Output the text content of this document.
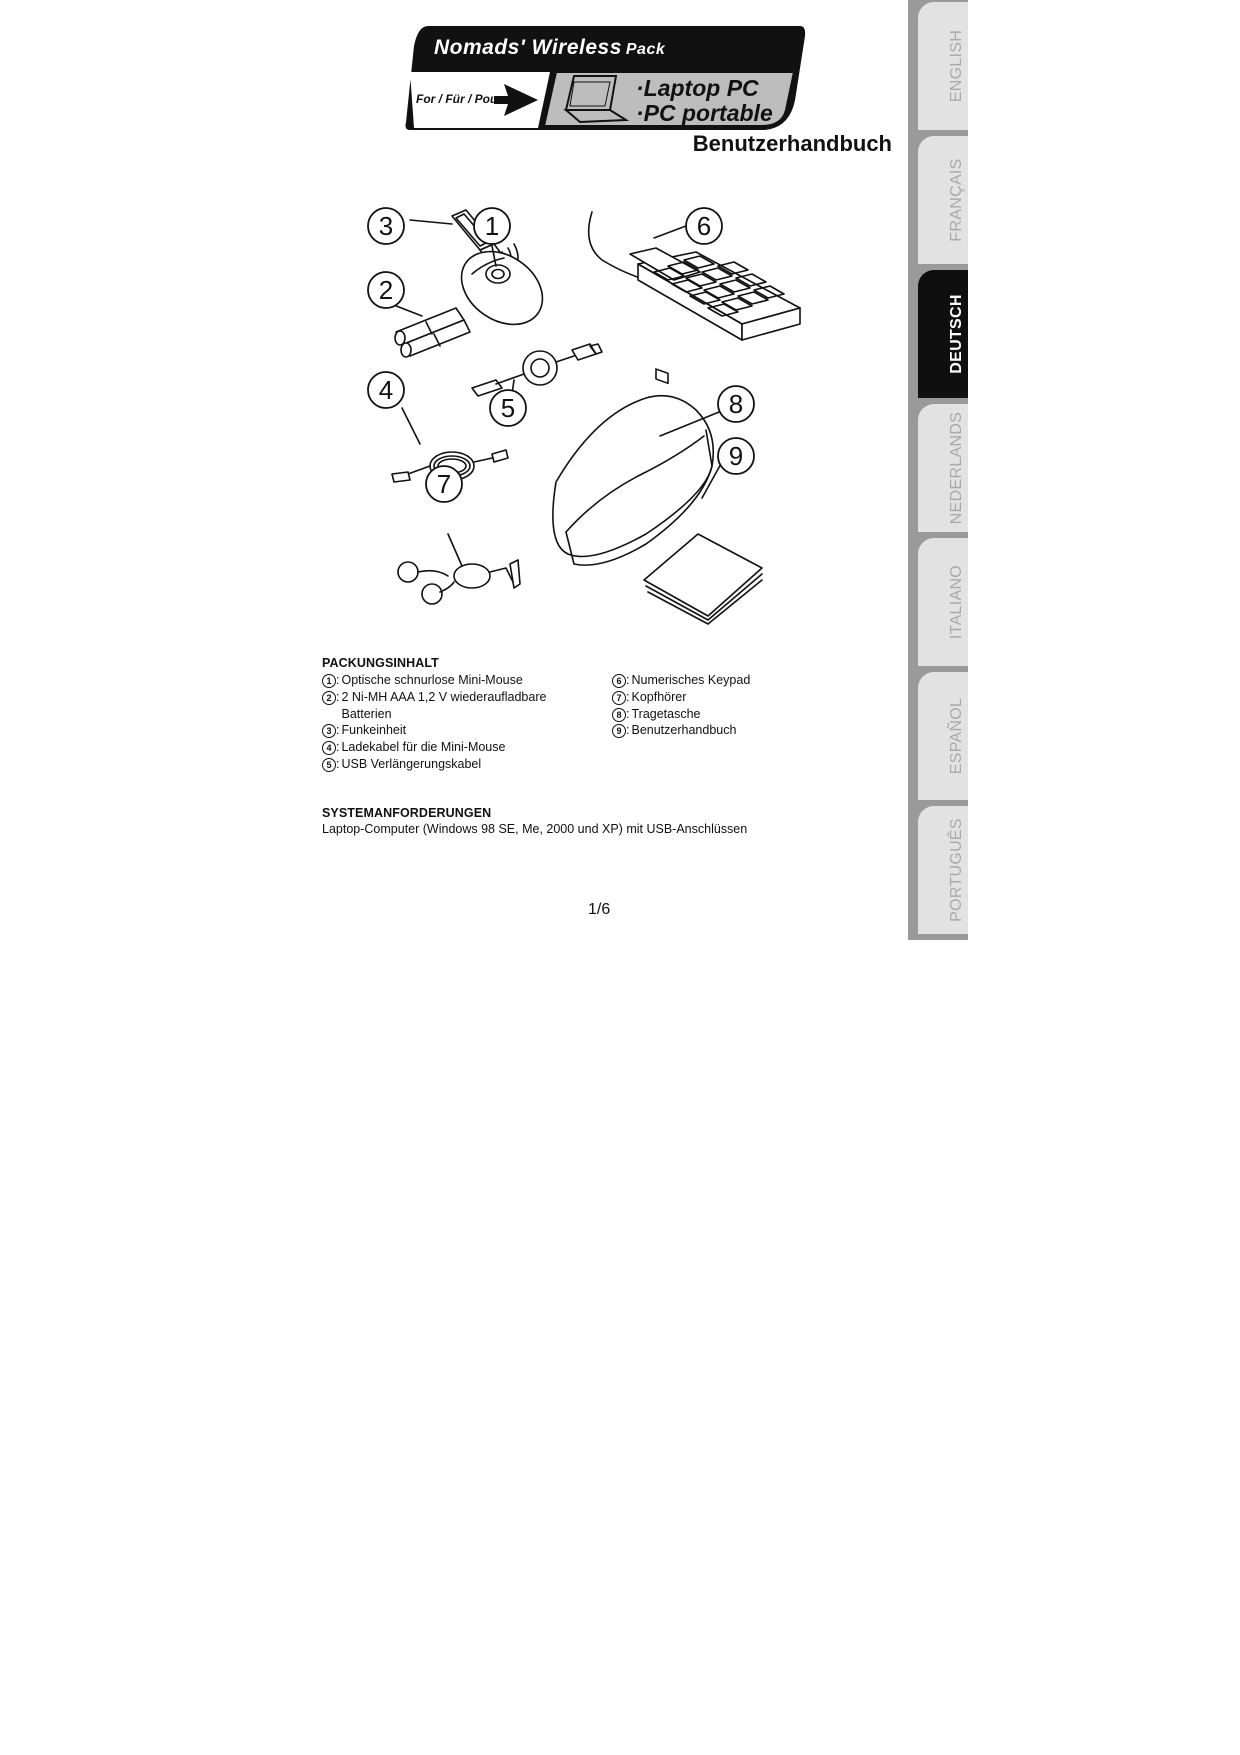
Nomads' Wireless Pack
For / Für / Pour	·Laptop PC
·PC portable
Benutzerhandbuch
3	1	6
2
4
5	8
9
7
PACKUNGSINHALT
1 : Optische schnurlose Mini-Mouse
2 : 2 Ni-MH AAA 1,2 V wiederaufladbare Batterien
3 : Funkeinheit
4 : Ladekabel für die Mini-Mouse
5 : USB Verlängerungskabel
6 : Numerisches Keypad
7 : Kopfhörer
8 : Tragetasche
9 : Benutzerhandbuch
SYSTEMANFORDERUNGEN
Laptop-Computer (Windows 98 SE, Me, 2000 und XP) mit USB-Anschlüssen
1/6
ENGLISH
FRANÇAIS
DEUTSCH
NEDERLANDS
ITALIANO
ESPAÑOL
PORTUGUÊS
